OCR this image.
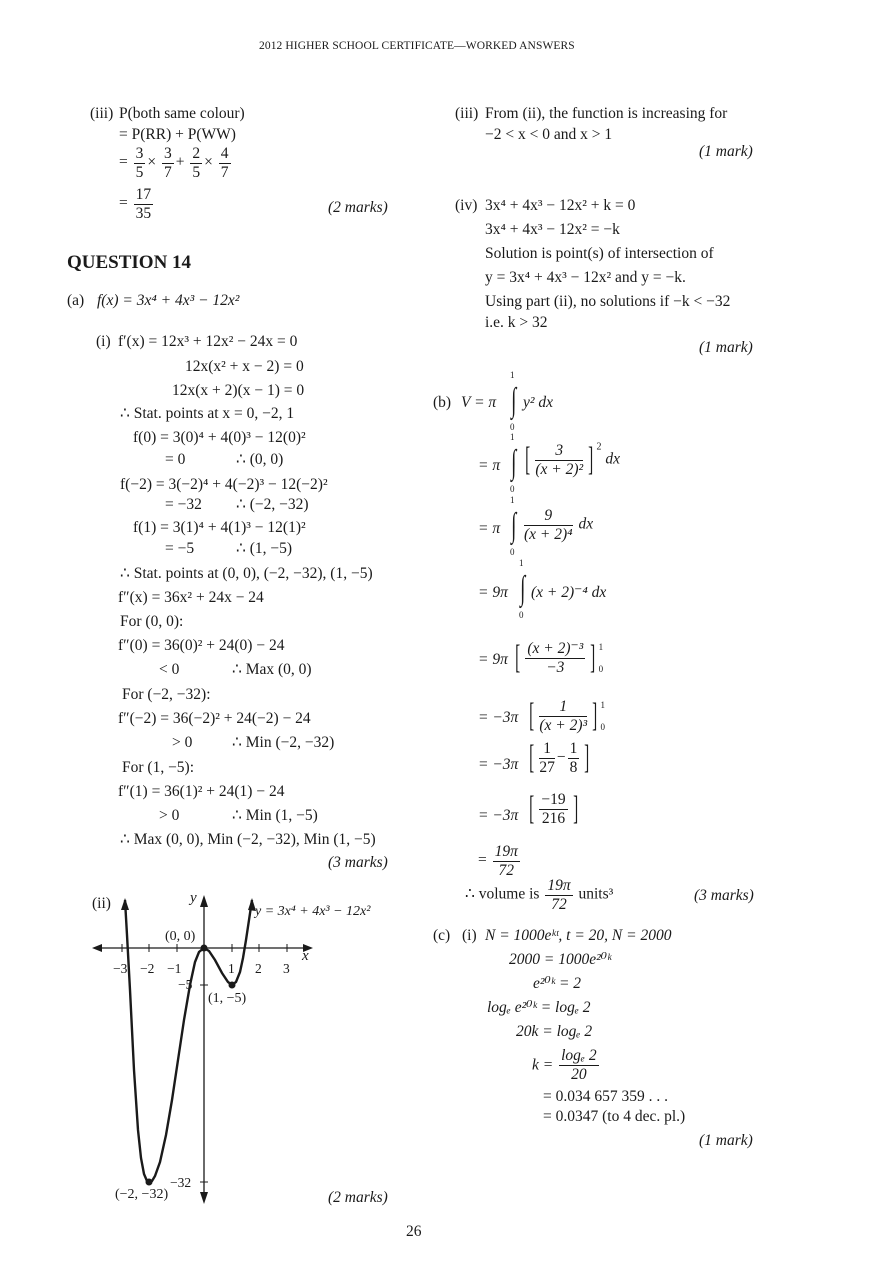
2012 HIGHER SCHOOL CERTIFICATE—WORKED ANSWERS
(iii) P(both same colour)
= P(RR) + P(WW)
= $\frac{3}{5} \times \frac{3}{7} + \frac{2}{5} \times \frac{4}{7}$
= $\frac{17}{35}$	(2 marks)
QUESTION 14
(a) f(x) = 3x⁴ + 4x³ − 12x²
(i) f′(x) = 12x³ + 12x² − 24x = 0
12x(x² + x − 2) = 0
12x(x + 2)(x − 1) = 0
∴ Stat. points at x = 0, −2, 1
f(0) = 3(0)⁴ + 4(0)³ − 12(0)²
= 0	∴ (0, 0)
f(−2) = 3(−2)⁴ + 4(−2)³ − 12(−2)²
= −32 ∴ (−2, −32)
f(1) = 3(1)⁴ + 4(1)³ − 12(1)²
= −5	∴ (1, −5)
∴ Stat. points at (0, 0), (−2, −32), (1, −5)
f″(x) = 36x² + 24x − 24
For (0, 0):
f″(0) = 36(0)² + 24(0) − 24
< 0	∴ Max (0, 0)
For (−2, −32):
f″(−2) = 36(−2)² + 24(−2) − 24
> 0	∴ Min (−2, −32)
For (1, −5):
f″(1) = 36(1)² + 24(1) − 24
> 0	∴ Min (1, −5)
∴ Max (0, 0), Min (−2, −32), Min (1, −5)
(3 marks)
(ii)	y
x
y = 3x⁴ + 4x³ − 12x²
(0, 0)
(1, −5)
(−2, −32)
−3 −2 −1	1 2 3
−5
−32
(2 marks)
(iii) From (ii), the function is increasing for
−2 < x < 0 and x > 1
(1 mark)
(iv) 3x⁴ + 4x³ − 12x² + k = 0
3x⁴ + 4x³ − 12x² = −k
Solution is point(s) of intersection of
y = 3x⁴ + 4x³ − 12x² and y = −k.
Using part (ii), no solutions if −k < −32
i.e. k > 32
(1 mark)
(b) V = π
1
∫
0
y² dx
= π
1
∫
0
[ $\frac{3}{\text{(x + 2)²}}$ ] $^2$ dx
= π
1
∫
0
$\frac{9}{\text{(x + 2)⁴}}$ dx
= 9π
1
∫
0
(x + 2)⁻⁴ dx
= 9π [ $\frac{\text{(x + 2)⁻³}}{-3}$ ] 1
0
= −3π [ $\frac{1}{\text{(x + 2)³}}$ ] 1
0
= −3π [ $\frac{1}{27} - \frac{1}{8}$ ]
= −3π [ $\frac{-19}{216}$ ]
= $\frac{19\pi}{72}$
∴ volume is $\frac{19\pi}{72}$ units³	(3 marks)
(c) (i) N = 1000eᵏᵗ, t = 20, N = 2000
2000 = 1000e²⁰ᵏ
e²⁰ᵏ = 2
logₑ e²⁰ᵏ = logₑ 2
20k = logₑ 2
$k = \frac{\text{logₑ 2}}{20}$
= 0.034 657 359 . . .
= 0.0347 (to 4 dec. pl.)
(1 mark)
26
